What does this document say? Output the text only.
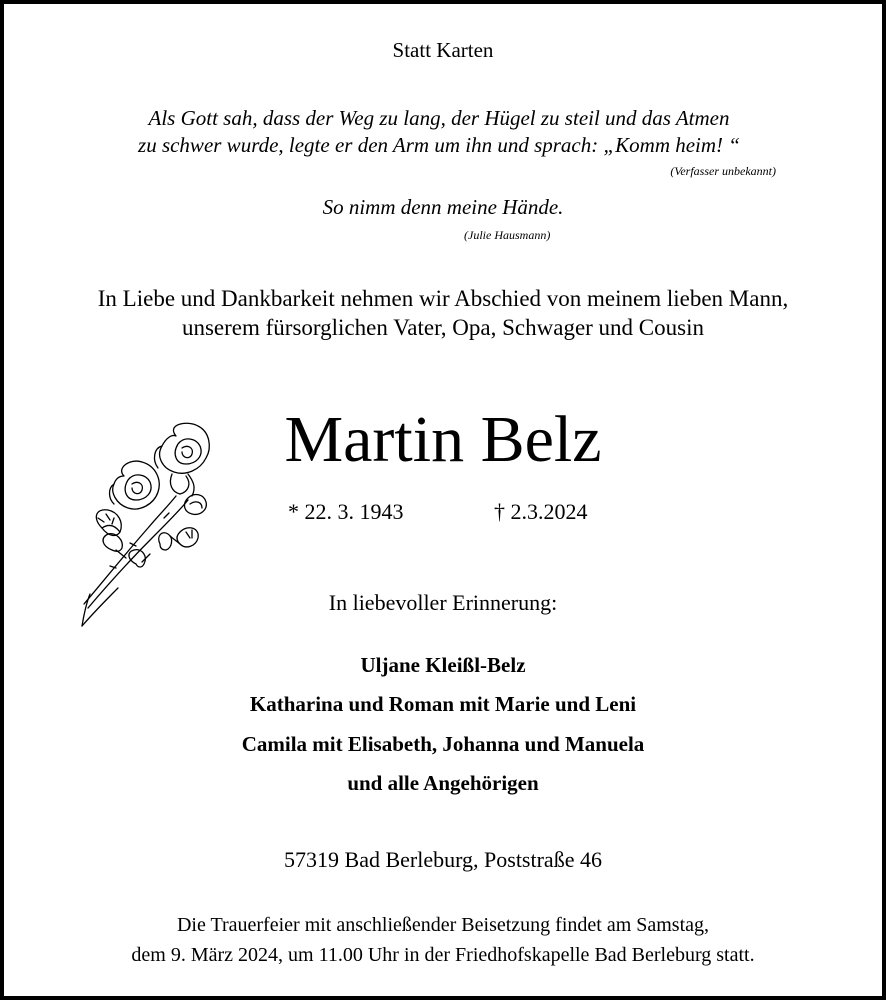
Statt Karten
Als Gott sah, dass der Weg zu lang, der Hügel zu steil und das Atmen
zu schwer wurde, legte er den Arm um ihn und sprach: „Komm heim! “
(Verfasser unbekannt)
So nimm denn meine Hände.
(Julie Hausmann)
In Liebe und Dankbarkeit nehmen wir Abschied von meinem lieben Mann,
unserem fürsorglichen Vater, Opa, Schwager und Cousin
Martin Belz
* 22. 3. 1943	† 2.3.2024
In liebevoller Erinnerung:
Uljane Kleißl-Belz
Katharina und Roman mit Marie und Leni
Camila mit Elisabeth, Johanna und Manuela
und alle Angehörigen
57319 Bad Berleburg, Poststraße 46
Die Trauerfeier mit anschließender Beisetzung findet am Samstag,
dem 9. März 2024, um 11.00 Uhr in der Friedhofskapelle Bad Berleburg statt.
